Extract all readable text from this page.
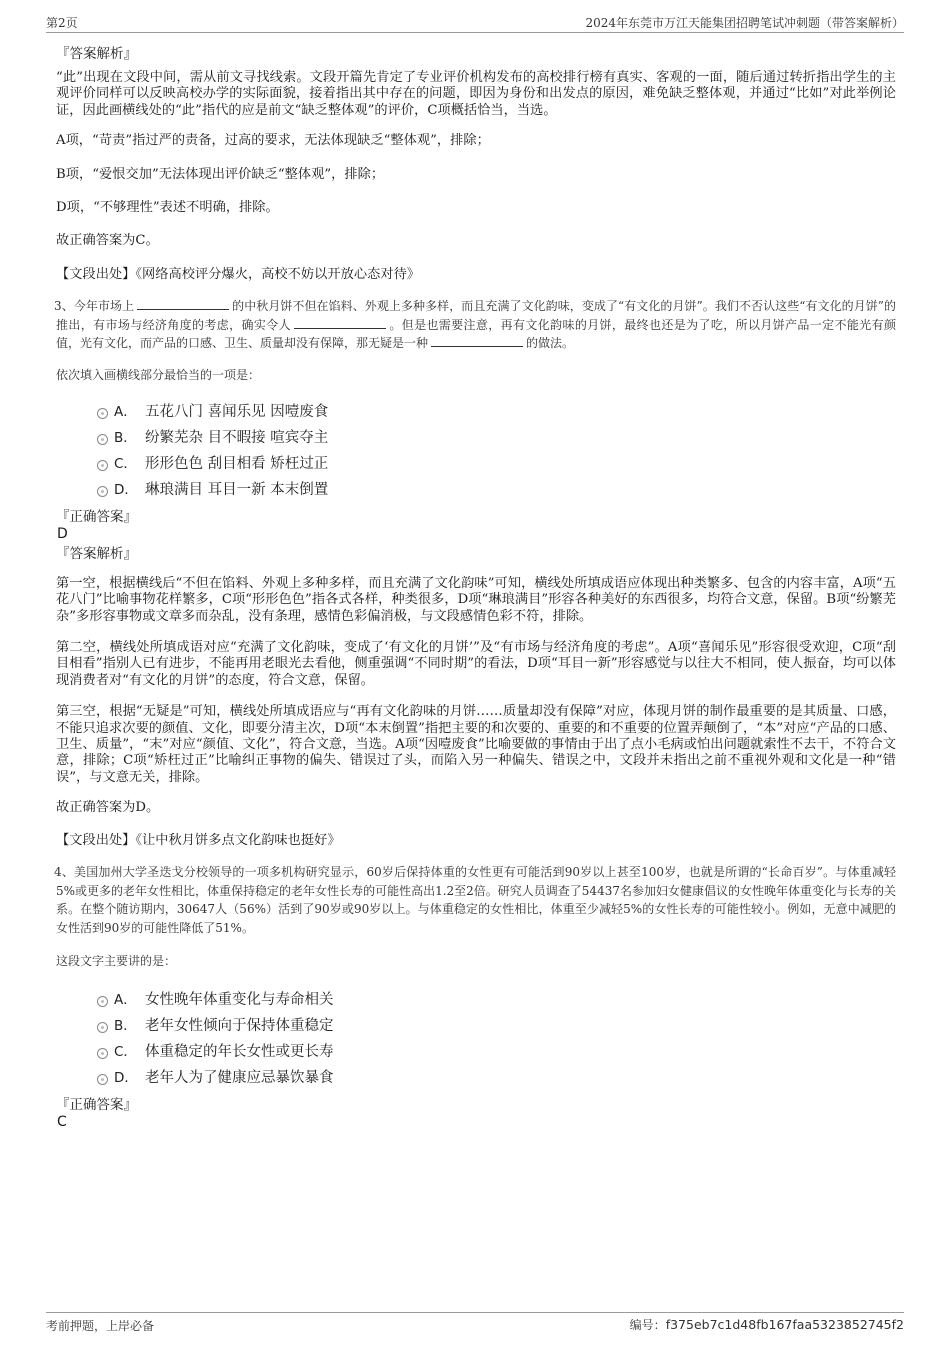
第2页	2024年东莞市万江天能集团招聘笔试冲刺题（带答案解析）

『答案解析』

“此”出现在文段中间，需从前文寻找线索。文段开篇先肯定了专业评价机构发布的高校排行榜有真实、客观的一面，随后通过转折指出学生的主观评价同样可以反映高校办学的实际面貌，接着指出其中存在的问题，即因为身份和出发点的原因，难免缺乏整体观，并通过“比如”对此举例论证，因此画横线处的“此”指代的应是前文“缺乏整体观”的评价，C项概括恰当，当选。

A项，“苛责”指过严的责备，过高的要求，无法体现缺乏“整体观”，排除；

B项，“爱恨交加”无法体现出评价缺乏“整体观”，排除；

D项，“不够理性”表述不明确，排除。

故正确答案为C。

【文段出处】《网络高校评分爆火，高校不妨以开放心态对待》

3、今年市场上	的中秋月饼不但在馅料、外观上多种多样，而且充满了文化韵味，变成了“有文化的月饼”。我们不否认这些“有文化的月饼”的推出，有市场与经济角度的考虑，确实令人	。但是也需要注意，再有文化韵味的月饼，最终也还是为了吃，所以月饼产品一定不能光有颜值，光有文化，而产品的口感、卫生、质量却没有保障，那无疑是一种	的做法。

依次填入画横线部分最恰当的一项是：

A． 五花八门 喜闻乐见 因噎废食
B． 纷繁芜杂 目不暇接 喧宾夺主
C． 形形色色 刮目相看 矫枉过正
D． 琳琅满目 耳目一新 本末倒置

『正确答案』

D

『答案解析』

第一空，根据横线后“不但在馅料、外观上多种多样，而且充满了文化韵味”可知，横线处所填成语应体现出种类繁多、包含的内容丰富，A项“五花八门”比喻事物花样繁多，C项“形形色色”指各式各样，种类很多，D项“琳琅满目”形容各种美好的东西很多，均符合文意，保留。B项“纷繁芜杂”多形容事物或文章多而杂乱，没有条理，感情色彩偏消极，与文段感情色彩不符，排除。

第二空，横线处所填成语对应“充满了文化韵味，变成了‘有文化的月饼’”及“有市场与经济角度的考虑”。A项“喜闻乐见”形容很受欢迎，C项“刮目相看”指别人已有进步，不能再用老眼光去看他，侧重强调“不同时期”的看法，D项“耳目一新”形容感觉与以往大不相同，使人振奋，均可以体现消费者对“有文化的月饼”的态度，符合文意，保留。

第三空，根据“无疑是”可知，横线处所填成语应与“再有文化韵味的月饼……质量却没有保障”对应，体现月饼的制作最重要的是其质量、口感，不能只追求次要的颜值、文化，即要分清主次，D项“本末倒置”指把主要的和次要的、重要的和不重要的位置弄颠倒了，“本”对应“产品的口感、卫生、质量”，“末”对应“颜值、文化”，符合文意，当选。A项“因噎废食”比喻要做的事情由于出了点小毛病或怕出问题就索性不去干，不符合文意，排除；C项“矫枉过正”比喻纠正事物的偏失、错误过了头，而陷入另一种偏失、错误之中，文段并未指出之前不重视外观和文化是一种“错误”，与文意无关，排除。

故正确答案为D。

【文段出处】《让中秋月饼多点文化韵味也挺好》

4、美国加州大学圣迭戈分校领导的一项多机构研究显示，60岁后保持体重的女性更有可能活到90岁以上甚至100岁，也就是所谓的“长命百岁”。与体重减轻5%或更多的老年女性相比，体重保持稳定的老年女性长寿的可能性高出1.2至2倍。研究人员调查了54437名参加妇女健康倡议的女性晚年体重变化与长寿的关系。在整个随访期内，30647人（56%）活到了90岁或90岁以上。与体重稳定的女性相比，体重至少减轻5%的女性长寿的可能性较小。例如，无意中减肥的女性活到90岁的可能性降低了51%。

这段文字主要讲的是：

A． 女性晚年体重变化与寿命相关
B． 老年女性倾向于保持体重稳定
C． 体重稳定的年长女性或更长寿
D． 老年人为了健康应忌暴饮暴食

『正确答案』

C

考前押题，上岸必备	编号：f375eb7c1d48fb167faa5323852745f2
